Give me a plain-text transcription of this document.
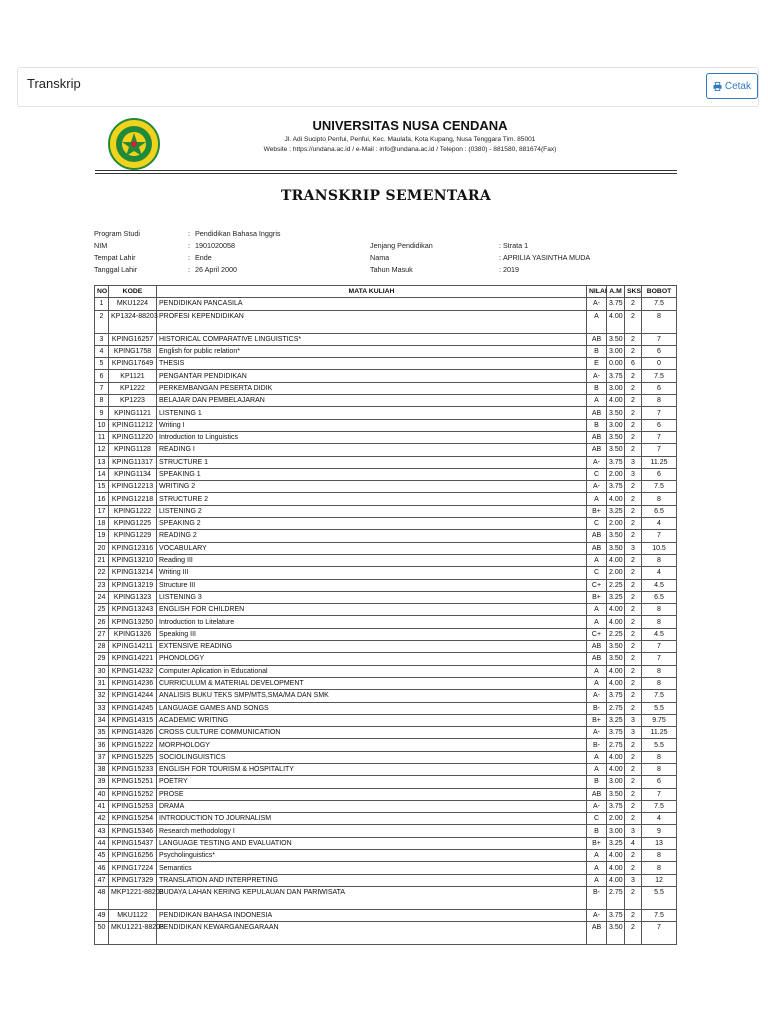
Transkrip	Cetak
UNIVERSITAS NUSA CENDANA
Jl. Adi Sucipto Penfui, Penfui, Kec. Maulafa, Kota Kupang, Nusa Tenggara Tim. 85001
Website : https://undana.ac.id / e-Mail : info@undana.ac.id / Telepon : (0380) - 881580, 881674(Fax)
TRANSKRIP SEMENTARA
Program Studi	: Pendidikan Bahasa Inggris
NIM	: 1901020058
Tempat Lahir	: Ende
Tanggal Lahir	: 26 April 2000
Jenjang Pendidikan	: Strata 1
Nama	: APRILIA YASINTHA MUDA
Tahun Masuk	: 2019
NO	KODE	MATA KULIAH	NILAI	A.M	SKS	BOBOT
1	MKU1224	PENDIDIKAN PANCASILA	A-	3.75	2	7.5
2	KP1324-88203	PROFESI KEPENDIDIKAN	A	4.00	2	8
3	KPING16257	HISTORICAL COMPARATIVE LINGUISTICS*	AB	3.50	2	7
4	KPING1758	English for public relation*	B	3.00	2	6
5	KPING17649	THESIS	E	0.00	6	0
6	KP1121	PENGANTAR PENDIDIKAN	A-	3.75	2	7.5
7	KP1222	PERKEMBANGAN PESERTA DIDIK	B	3.00	2	6
8	KP1223	BELAJAR DAN PEMBELAJARAN	A	4.00	2	8
9	KPING1121	LISTENING 1	AB	3.50	2	7
10	KPING11212	Writing I	B	3.00	2	6
11	KPING11220	Introduction to Linguistics	AB	3.50	2	7
12	KPING1128	READING I	AB	3.50	2	7
13	KPING11317	STRUCTURE 1	A-	3.75	3	11.25
14	KPING1134	SPEAKING 1	C	2.00	3	6
15	KPING12213	WRITING 2	A-	3.75	2	7.5
16	KPING12218	STRUCTURE 2	A	4.00	2	8
17	KPING1222	LISTENING 2	B+	3.25	2	6.5
18	KPING1225	SPEAKING 2	C	2.00	2	4
19	KPING1229	READING 2	AB	3.50	2	7
20	KPING12316	VOCABULARY	AB	3.50	3	10.5
21	KPING13210	Reading III	A	4.00	2	8
22	KPING13214	Writing III	C	2.00	2	4
23	KPING13219	Structure III	C+	2.25	2	4.5
24	KPING1323	LISTENING 3	B+	3.25	2	6.5
25	KPING13243	ENGLISH FOR CHILDREN	A	4.00	2	8
26	KPING13250	Introduction to Litelature	A	4.00	2	8
27	KPING1326	Speaking III	C+	2.25	2	4.5
28	KPING14211	EXTENSIVE READING	AB	3.50	2	7
29	KPING14221	PHONOLOGY	AB	3.50	2	7
30	KPING14232	Computer Aplication in Educational	A	4.00	2	8
31	KPING14236	CURRICULUM & MATERIAL DEVELOPMENT	A	4.00	2	8
32	KPING14244	ANALISIS BUKU TEKS SMP/MTS,SMA/MA DAN SMK	A-	3.75	2	7.5
33	KPING14245	LANGUAGE GAMES AND SONGS	B-	2.75	2	5.5
34	KPING14315	ACADEMIC WRITING	B+	3.25	3	9.75
35	KPING14326	CROSS CULTURE COMMUNICATION	A-	3.75	3	11.25
36	KPING15222	MORPHOLOGY	B-	2.75	2	5.5
37	KPING15225	SOCIOLINGUISTICS	A	4.00	2	8
38	KPING15233	ENGLISH FOR TOURISM & HOSPITALITY	A	4.00	2	8
39	KPING15251	POETRY	B	3.00	2	6
40	KPING15252	PROSE	AB	3.50	2	7
41	KPING15253	DRAMA	A-	3.75	2	7.5
42	KPING15254	INTRODUCTION TO JOURNALISM	C	2.00	2	4
43	KPING15346	Research methodology I	B	3.00	3	9
44	KPING15437	LANGUAGE TESTING AND EVALUATION	B+	3.25	4	13
45	KPING16256	Psycholinguistics*	A	4.00	2	8
46	KPING17224	Semantics	A	4.00	2	8
47	KPING17329	TRANSLATION AND INTERPRETING	A	4.00	3	12
48	MKP1221-88203	BUDAYA LAHAN KERING KEPULAUAN DAN PARIWISATA	B-	2.75	2	5.5
49	MKU1122	PENDIDIKAN BAHASA INDONESIA	A-	3.75	2	7.5
50	MKU1221-88203	PENDIDIKAN KEWARGANEGARAAN	AB	3.50	2	7
